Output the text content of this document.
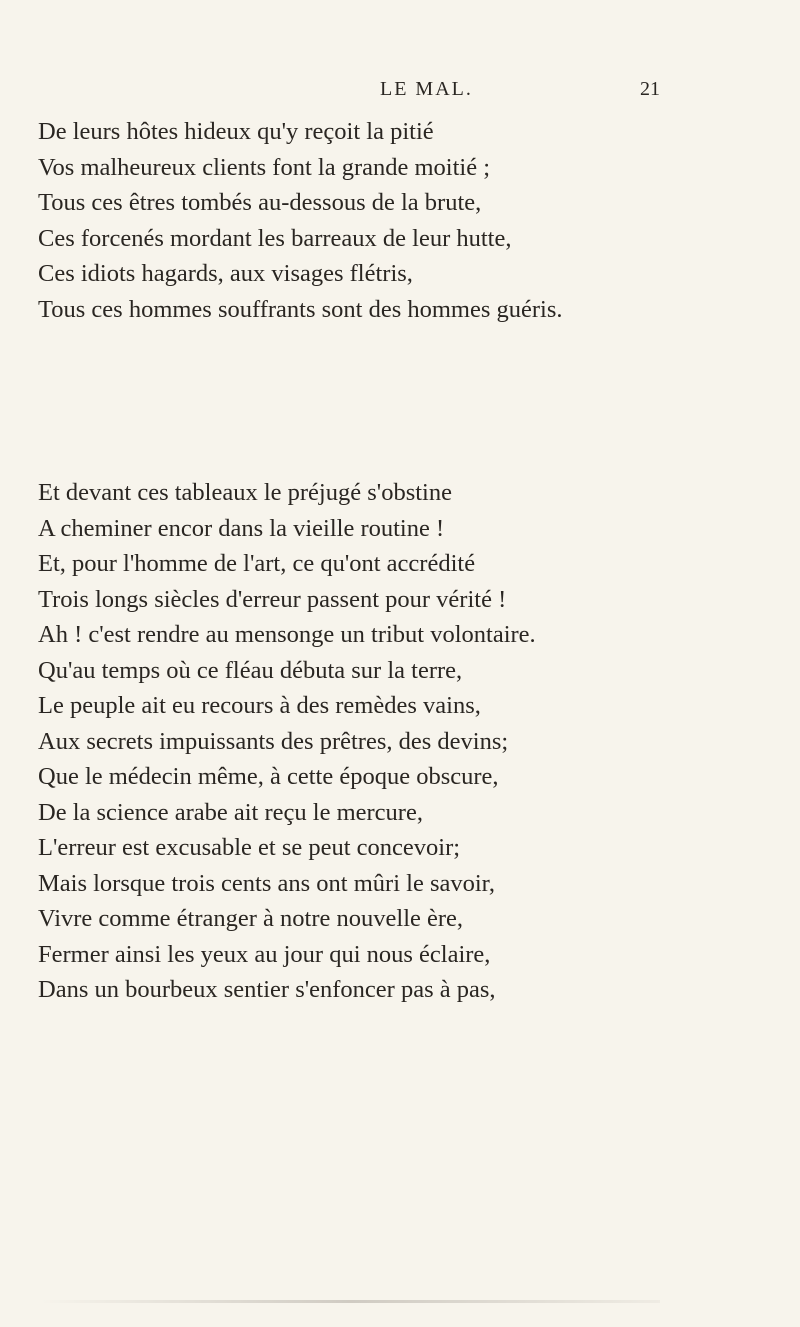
LE MAL.	21
De leurs hôtes hideux qu'y reçoit la pitié
Vos malheureux clients font la grande moitié ;
Tous ces êtres tombés au-dessous de la brute,
Ces forcenés mordant les barreaux de leur hutte,
Ces idiots hagards, aux visages flétris,
Tous ces hommes souffrants sont des hommes guéris.
Et devant ces tableaux le préjugé s'obstine
A cheminer encor dans la vieille routine !
Et, pour l'homme de l'art, ce qu'ont accrédité
Trois longs siècles d'erreur passent pour vérité !
Ah ! c'est rendre au mensonge un tribut volontaire.
Qu'au temps où ce fléau débuta sur la terre,
Le peuple ait eu recours à des remèdes vains,
Aux secrets impuissants des prêtres, des devins;
Que le médecin même, à cette époque obscure,
De la science arabe ait reçu le mercure,
L'erreur est excusable et se peut concevoir;
Mais lorsque trois cents ans ont mûri le savoir,
Vivre comme étranger à notre nouvelle ère,
Fermer ainsi les yeux au jour qui nous éclaire,
Dans un bourbeux sentier s'enfoncer pas à pas,
